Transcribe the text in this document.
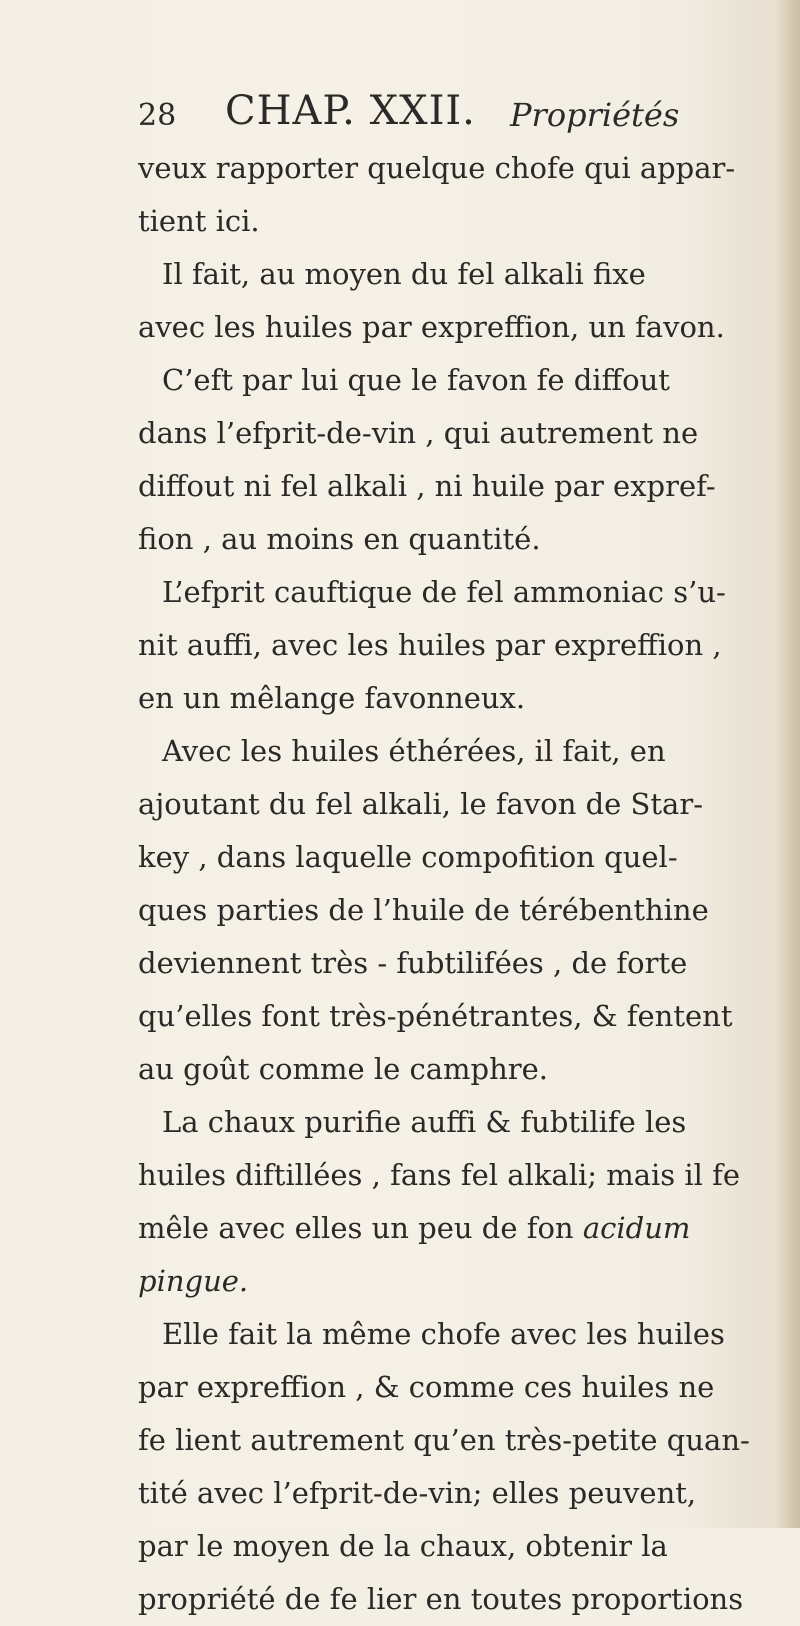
28 CHAP. XXII. Propriétés
veux rapporter quelque chofe qui appar-
tient ici.
Il fait, au moyen du fel alkali fixe
avec les huiles par expreffion, un favon.
C’eft par lui que le favon fe diffout
dans l’efprit-de-vin , qui autrement ne
diffout ni fel alkali , ni huile par expref-
fion , au moins en quantité.
L’efprit cauftique de fel ammoniac s’u-
nit auffi, avec les huiles par expreffion ,
en un mêlange favonneux.
Avec les huiles éthérées, il fait, en
ajoutant du fel alkali, le favon de Star-
key , dans laquelle compofition quel-
ques parties de l’huile de térébenthine
deviennent très - fubtilifées , de forte
qu’elles font très-pénétrantes, & fentent
au goût comme le camphre.
La chaux purifie auffi & fubtilife les
huiles diftillées , fans fel alkali; mais il fe
mêle avec elles un peu de fon acidum
pingue.
Elle fait la même chofe avec les huiles
par expreffion , & comme ces huiles ne
fe lient autrement qu’en très-petite quan-
tité avec l’efprit-de-vin; elles peuvent,
par le moyen de la chaux, obtenir la
propriété de fe lier en toutes proportions
